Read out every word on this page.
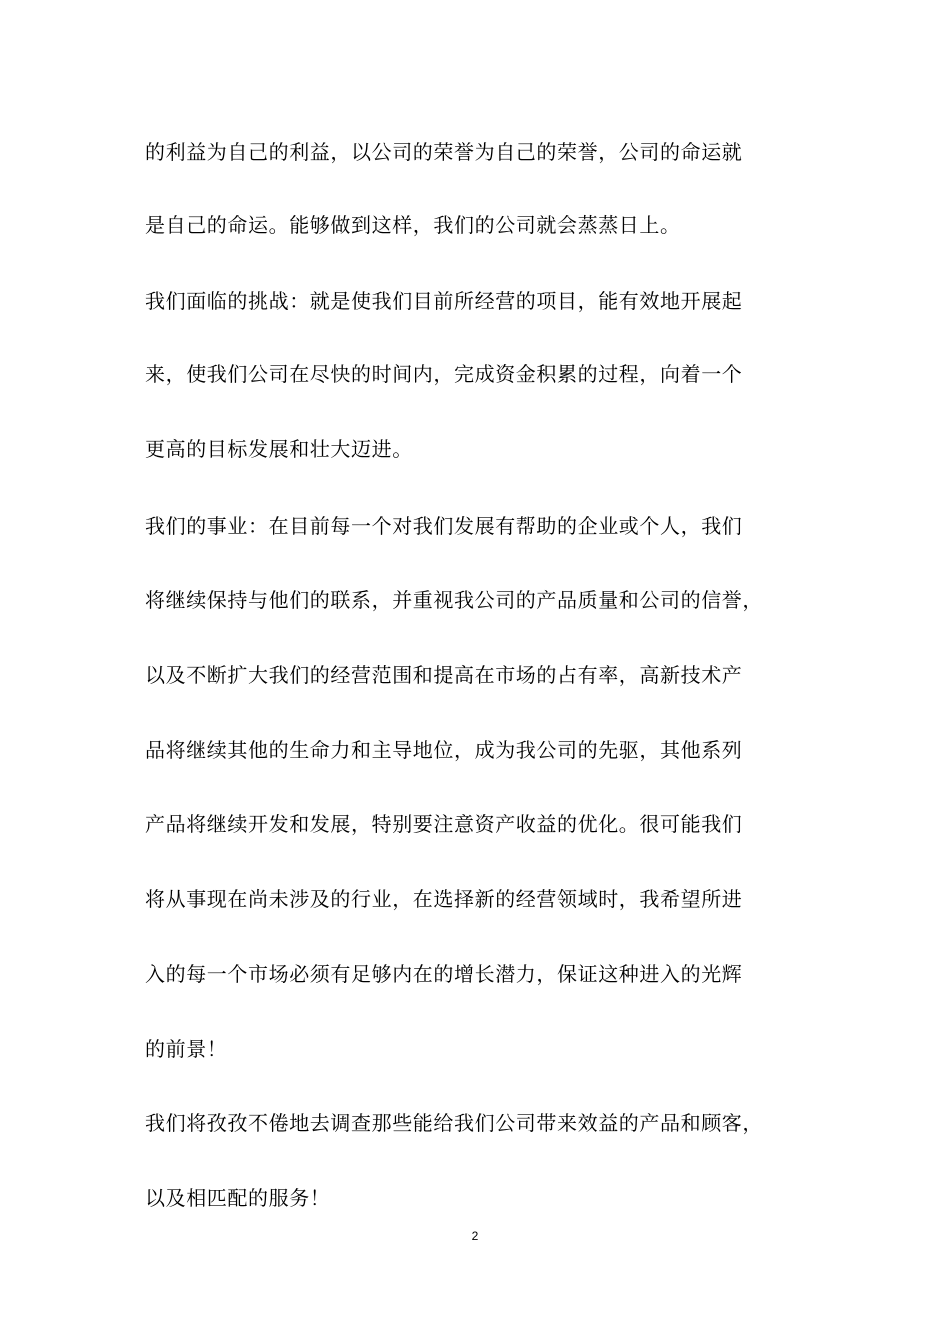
的利益为自己的利益，以公司的荣誉为自己的荣誉，公司的命运就
是自己的命运。能够做到这样，我们的公司就会蒸蒸日上。
我们面临的挑战：就是使我们目前所经营的项目，能有效地开展起
来，使我们公司在尽快的时间内，完成资金积累的过程，向着一个
更高的目标发展和壮大迈进。
我们的事业：在目前每一个对我们发展有帮助的企业或个人，我们
将继续保持与他们的联系，并重视我公司的产品质量和公司的信誉，
以及不断扩大我们的经营范围和提高在市场的占有率，高新技术产
品将继续其他的生命力和主导地位，成为我公司的先驱，其他系列
产品将继续开发和发展，特别要注意资产收益的优化。很可能我们
将从事现在尚未涉及的行业，在选择新的经营领域时，我希望所进
入的每一个市场必须有足够内在的增长潜力，保证这种进入的光辉
的前景！
我们将孜孜不倦地去调查那些能给我们公司带来效益的产品和顾客，
以及相匹配的服务！
2
